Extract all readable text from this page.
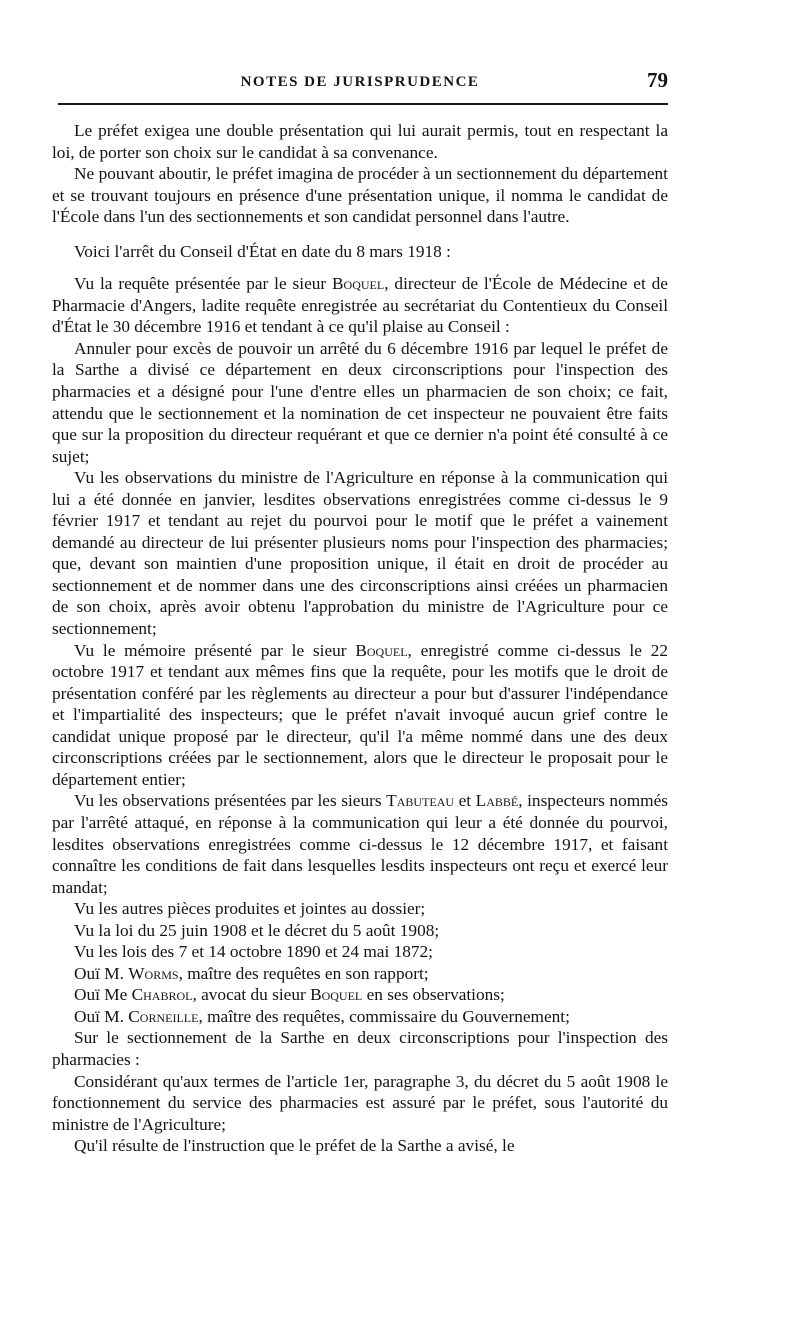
NOTES DE JURISPRUDENCE	79

Le préfet exigea une double présentation qui lui aurait permis, tout en respectant la loi, de porter son choix sur le candidat à sa convenance.

Ne pouvant aboutir, le préfet imagina de procéder à un sectionnement du département et se trouvant toujours en présence d'une présentation unique, il nomma le candidat de l'École dans l'un des sectionnements et son candidat personnel dans l'autre.

Voici l'arrêt du Conseil d'État en date du 8 mars 1918 :

Vu la requête présentée par le sieur Boquel, directeur de l'École de Médecine et de Pharmacie d'Angers, ladite requête enregistrée au secrétariat du Contentieux du Conseil d'État le 30 décembre 1916 et tendant à ce qu'il plaise au Conseil :

Annuler pour excès de pouvoir un arrêté du 6 décembre 1916 par lequel le préfet de la Sarthe a divisé ce département en deux circonscriptions pour l'inspection des pharmacies et a désigné pour l'une d'entre elles un pharmacien de son choix; ce fait, attendu que le sectionnement et la nomination de cet inspecteur ne pouvaient être faits que sur la proposition du directeur requérant et que ce dernier n'a point été consulté à ce sujet;

Vu les observations du ministre de l'Agriculture en réponse à la communication qui lui a été donnée en janvier, lesdites observations enregistrées comme ci-dessus le 9 février 1917 et tendant au rejet du pourvoi pour le motif que le préfet a vainement demandé au directeur de lui présenter plusieurs noms pour l'inspection des pharmacies; que, devant son maintien d'une proposition unique, il était en droit de procéder au sectionnement et de nommer dans une des circonscriptions ainsi créées un pharmacien de son choix, après avoir obtenu l'approbation du ministre de l'Agriculture pour ce sectionnement;

Vu le mémoire présenté par le sieur Boquel, enregistré comme ci-dessus le 22 octobre 1917 et tendant aux mêmes fins que la requête, pour les motifs que le droit de présentation conféré par les règlements au directeur a pour but d'assurer l'indépendance et l'impartialité des inspecteurs; que le préfet n'avait invoqué aucun grief contre le candidat unique proposé par le directeur, qu'il l'a même nommé dans une des deux circonscriptions créées par le sectionnement, alors que le directeur le proposait pour le département entier;

Vu les observations présentées par les sieurs Tabuteau et Labbé, inspecteurs nommés par l'arrêté attaqué, en réponse à la communication qui leur a été donnée du pourvoi, lesdites observations enregistrées comme ci-dessus le 12 décembre 1917, et faisant connaître les conditions de fait dans lesquelles lesdits inspecteurs ont reçu et exercé leur mandat;

Vu les autres pièces produites et jointes au dossier;

Vu la loi du 25 juin 1908 et le décret du 5 août 1908;

Vu les lois des 7 et 14 octobre 1890 et 24 mai 1872;

Ouï M. Worms, maître des requêtes en son rapport;

Ouï Me Chabrol, avocat du sieur Boquel en ses observations;

Ouï M. Corneille, maître des requêtes, commissaire du Gouvernement;

Sur le sectionnement de la Sarthe en deux circonscriptions pour l'inspection des pharmacies :

Considérant qu'aux termes de l'article 1er, paragraphe 3, du décret du 5 août 1908 le fonctionnement du service des pharmacies est assuré par le préfet, sous l'autorité du ministre de l'Agriculture;

Qu'il résulte de l'instruction que le préfet de la Sarthe a avisé, le
